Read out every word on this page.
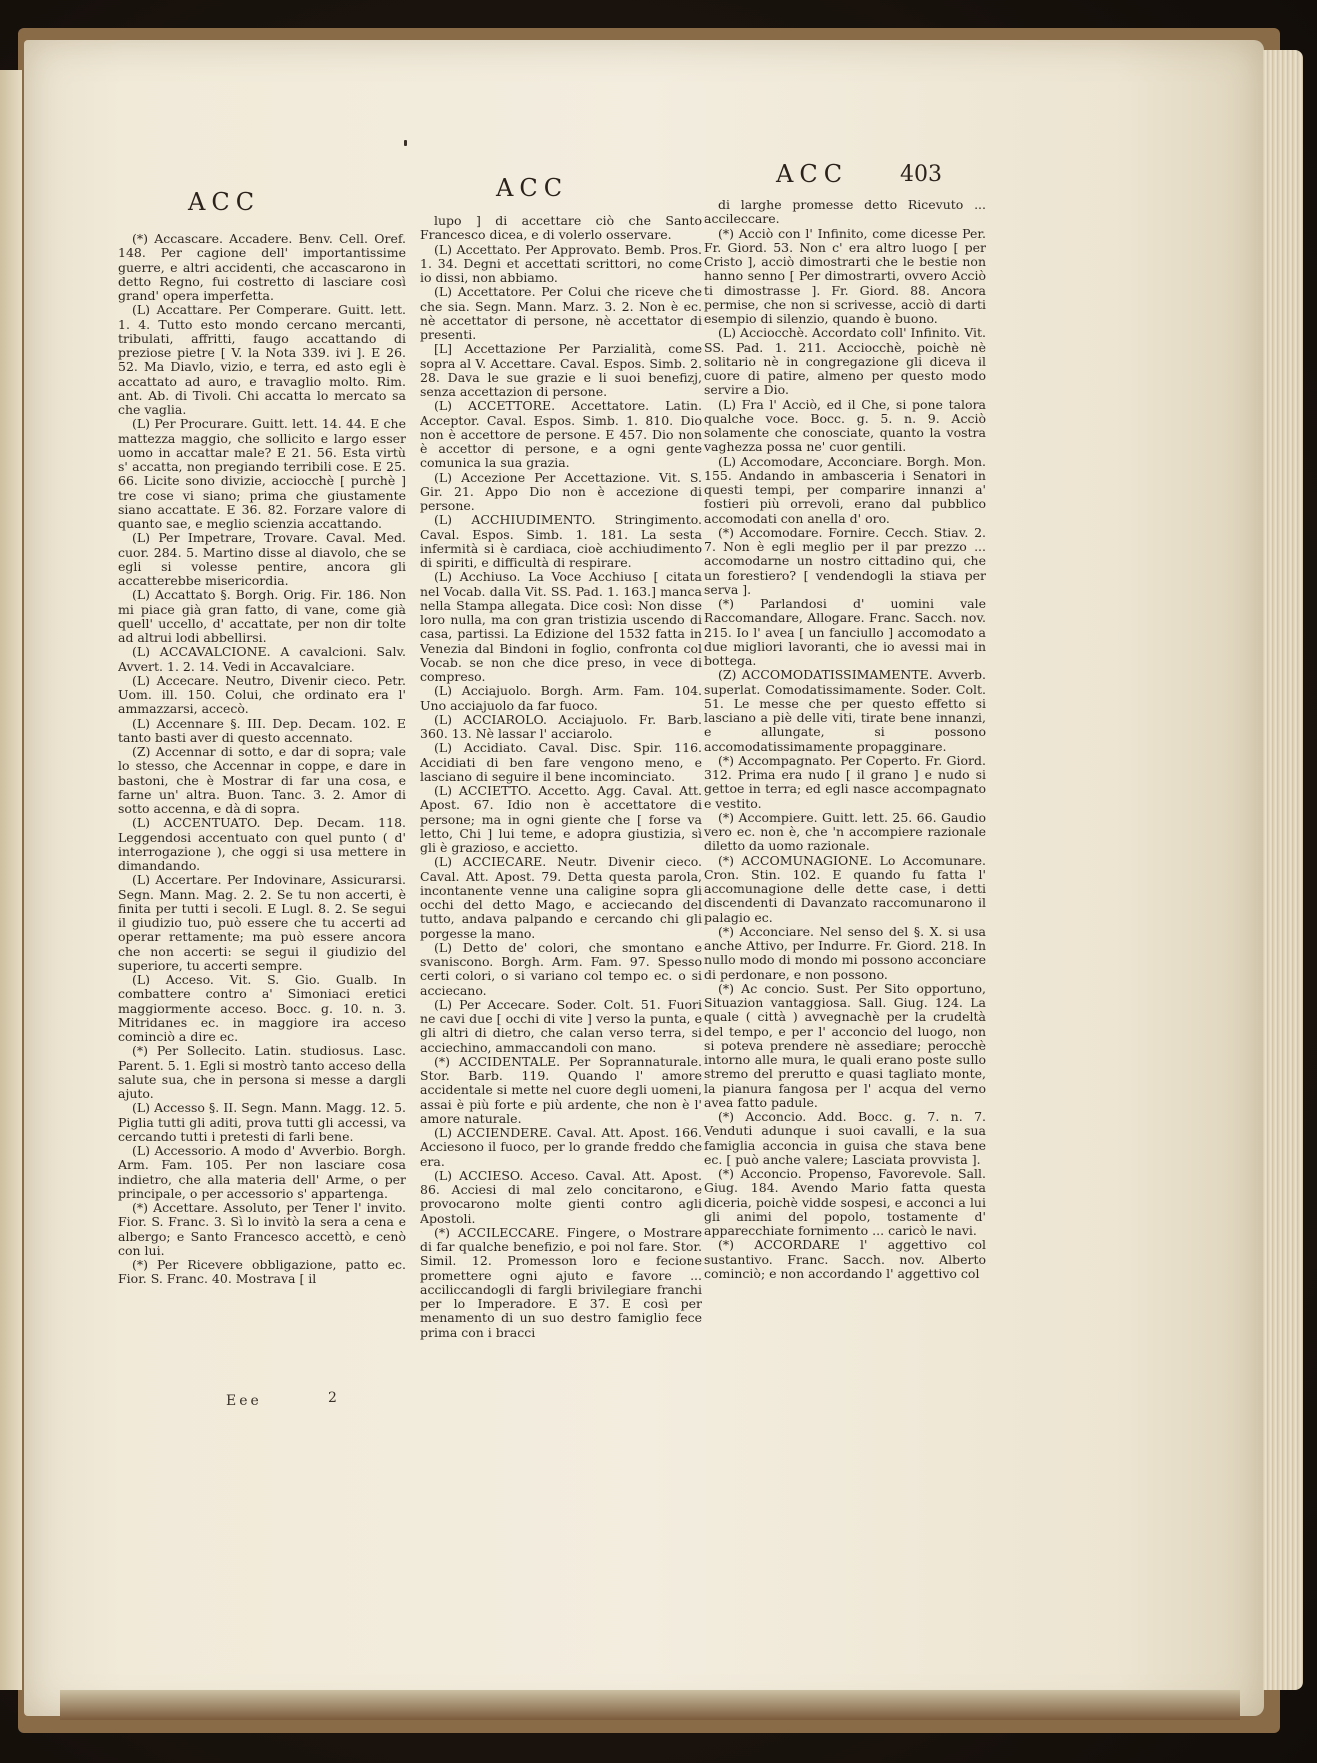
ACC	ACC	ACC 403

(*) Accascare. Accadere. Benv. Cell. Oref. 148. Per cagione dell' importantissime guerre, e altri accidenti, che accascarono in detto Regno, fui costretto di lasciare così grand' opera imperfetta.

(L) Accattare. Per Comperare. Guitt. lett. 1. 4. Tutto esto mondo cercano mercanti, tribulati, affritti, faugo accattando di preziose pietre [ V. la Nota 339. ivi ]. E 26. 52. Ma Diavlo, vizio, e terra, ed asto egli è accattato ad auro, e travaglio molto. Rim. ant. Ab. di Tivoli. Chi accatta lo mercato sa che vaglia.

(L) Per Procurare. Guitt. lett. 14. 44. E che mattezza maggio, che sollicito e largo esser uomo in accattar male? E 21. 56. Esta virtù s' accatta, non pregiando terribili cose. E 25. 66. Licite sono divizie, acciocchè [ purchè ] tre cose vi siano; prima che giustamente siano accattate. E 36. 82. Forzare valore di quanto sae, e meglio scienzia accattando.

(L) Per Impetrare, Trovare. Caval. Med. cuor. 284. 5. Martino disse al diavolo, che se egli si volesse pentire, ancora gli accatterebbe misericordia.

(L) Accattato §. Borgh. Orig. Fir. 186. Non mi piace già gran fatto, di vane, come già quell' uccello, d' accattate, per non dir tolte ad altrui lodi abbellirsi.

(L) ACCAVALCIONE. A cavalcioni. Salv. Avvert. 1. 2. 14. Vedi in Accavalciare.

(L) Accecare. Neutro, Divenir cieco. Petr. Uom. ill. 150. Colui, che ordinato era l' ammazzarsi, accecò.

(L) Accennare §. III. Dep. Decam. 102. E tanto basti aver di questo accennato.

(Z) Accennar di sotto, e dar di sopra; vale lo stesso, che Accennar in coppe, e dare in bastoni, che è Mostrar di far una cosa, e farne un' altra. Buon. Tanc. 3. 2. Amor di sotto accenna, e dà di sopra.

(L) ACCENTUATO. Dep. Decam. 118. Leggendosi accentuato con quel punto ( d' interrogazione ), che oggi si usa mettere in dimandando.

(L) Accertare. Per Indovinare, Assicurarsi. Segn. Mann. Mag. 2. 2. Se tu non accerti, è finita per tutti i secoli. E Lugl. 8. 2. Se segui il giudizio tuo, può essere che tu accerti ad operar rettamente; ma può essere ancora che non accerti: se segui il giudizio del superiore, tu accerti sempre.

(L) Acceso. Vit. S. Gio. Gualb. In combattere contro a' Simoniaci eretici maggiormente acceso. Bocc. g. 10. n. 3. Mitridanes ec. in maggiore ira acceso cominciò a dire ec.

(*) Per Sollecito. Latin. studiosus. Lasc. Parent. 5. 1. Egli si mostrò tanto acceso della salute sua, che in persona si messe a dargli ajuto.

(L) Accesso §. II. Segn. Mann. Magg. 12. 5. Piglia tutti gli aditi, prova tutti gli accessi, va cercando tutti i pretesti di farli bene.

(L) Accessorio. A modo d' Avverbio. Borgh. Arm. Fam. 105. Per non lasciare cosa indietro, che alla materia dell' Arme, o per principale, o per accessorio s' appartenga.

(*) Accettare. Assoluto, per Tener l' invito. Fior. S. Franc. 3. Sì lo invitò la sera a cena e albergo; e Santo Francesco accettò, e cenò con lui.

(*) Per Ricevere obbligazione, patto ec. Fior. S. Franc. 40. Mostrava [ il

lupo ] di accettare ciò che Santo Francesco dicea, e di volerlo osservare.

(L) Accettato. Per Approvato. Bemb. Pros. 1. 34. Degni et accettati scrittori, no come io dissi, non abbiamo.

(L) Accettatore. Per Colui che riceve che che sia. Segn. Mann. Marz. 3. 2. Non è ec. nè accettator di persone, nè accettator di presenti.

[L] Accettazione Per Parzialità, come sopra al V. Accettare. Caval. Espos. Simb. 2. 28. Dava le sue grazie e li suoi benefizj, senza accettazion di persone.

(L) ACCETTORE. Accettatore. Latin. Acceptor. Caval. Espos. Simb. 1. 810. Dio non è accettore de persone. E 457. Dio non è accettor di persone, e a ogni gente comunica la sua grazia.

(L) Accezione Per Accettazione. Vit. S. Gir. 21. Appo Dio non è accezione di persone.

(L) ACCHIUDIMENTO. Stringimento. Caval. Espos. Simb. 1. 181. La sesta infermità si è cardiaca, cioè acchiudimento di spiriti, e difficultà di respirare.

(L) Acchiuso. La Voce Acchiuso [ citata nel Vocab. dalla Vit. SS. Pad. 1. 163.] manca nella Stampa allegata. Dice così: Non disse loro nulla, ma con gran tristizia uscendo di casa, partissi. La Edizione del 1532 fatta in Venezia dal Bindoni in foglio, confronta col Vocab. se non che dice preso, in vece di compreso.

(L) Acciajuolo. Borgh. Arm. Fam. 104. Uno acciajuolo da far fuoco.

(L) ACCIAROLO. Acciajuolo. Fr. Barb. 360. 13. Nè lassar l' acciarolo.

(L) Accidiato. Caval. Disc. Spir. 116. Accidiati di ben fare vengono meno, e lasciano di seguire il bene incominciato.

(L) ACCIETTO. Accetto. Agg. Caval. Att. Apost. 67. Idio non è accettatore di persone; ma in ogni giente che [ forse va letto, Chi ] lui teme, e adopra giustizia, sì gli è grazioso, e accietto.

(L) ACCIECARE. Neutr. Divenir cieco. Caval. Att. Apost. 79. Detta questa parola, incontanente venne una caligine sopra gli occhi del detto Mago, e acciecando del tutto, andava palpando e cercando chi gli porgesse la mano.

(L) Detto de' colori, che smontano e svaniscono. Borgh. Arm. Fam. 97. Spesso certi colori, o si variano col tempo ec. o si acciecano.

(L) Per Accecare. Soder. Colt. 51. Fuori ne cavi due [ occhi di vite ] verso la punta, e gli altri di dietro, che calan verso terra, si acciechino, ammaccandoli con mano.

(*) ACCIDENTALE. Per Soprannaturale. Stor. Barb. 119. Quando l' amore accidentale si mette nel cuore degli uomeni, assai è più forte e più ardente, che non è l' amore naturale.

(L) ACCIENDERE. Caval. Att. Apost. 166. Acciesono il fuoco, per lo grande freddo che era.

(L) ACCIESO. Acceso. Caval. Att. Apost. 86. Acciesi di mal zelo concitarono, e provocarono molte gienti contro agli Apostoli.

(*) ACCILECCARE. Fingere, o Mostrare di far qualche benefizio, e poi nol fare. Stor. Simil. 12. Promesson loro e fecione promettere ogni ajuto e favore ... acciliccandogli di fargli brivilegiare franchi per lo Imperadore. E 37. E così per menamento di un suo destro famiglio fece prima con i bracci

di larghe promesse detto Ricevuto ... accileccare.

(*) Acciò con l' Infinito, come dicesse Per. Fr. Giord. 53. Non c' era altro luogo [ per Cristo ], acciò dimostrarti che le bestie non hanno senno [ Per dimostrarti, ovvero Acciò ti dimostrasse ]. Fr. Giord. 88. Ancora permise, che non si scrivesse, acciò di darti esempio di silenzio, quando è buono.

(L) Acciocchè. Accordato coll' Infinito. Vit. SS. Pad. 1. 211. Acciocchè, poichè nè solitario nè in congregazione gli diceva il cuore di patire, almeno per questo modo servire a Dio.

(L) Fra l' Acciò, ed il Che, si pone talora qualche voce. Bocc. g. 5. n. 9. Acciò solamente che conosciate, quanto la vostra vaghezza possa ne' cuor gentili.

(L) Accomodare, Acconciare. Borgh. Mon. 155. Andando in ambasceria i Senatori in questi tempi, per comparire innanzi a' fostieri più orrevoli, erano dal pubblico accomodati con anella d' oro.

(*) Accomodare. Fornire. Cecch. Stiav. 2. 7. Non è egli meglio per il par prezzo ... accomodarne un nostro cittadino qui, che un forestiero? [ vendendogli la stiava per serva ].

(*) Parlandosi d' uomini vale Raccomandare, Allogare. Franc. Sacch. nov. 215. Io l' avea [ un fanciullo ] accomodato a due migliori lavoranti, che io avessi mai in bottega.

(Z) ACCOMODATISSIMAMENTE. Avverb. superlat. Comodatissimamente. Soder. Colt. 51. Le messe che per questo effetto si lasciano a piè delle viti, tirate bene innanzi, e allungate, si possono accomodatissimamente propagginare.

(*) Accompagnato. Per Coperto. Fr. Giord. 312. Prima era nudo [ il grano ] e nudo si gettoe in terra; ed egli nasce accompagnato e vestito.

(*) Accompiere. Guitt. lett. 25. 66. Gaudio vero ec. non è, che 'n accompiere razionale diletto da uomo razionale.

(*) ACCOMUNAGIONE. Lo Accomunare. Cron. Stin. 102. E quando fu fatta l' accomunagione delle dette case, i detti discendenti di Davanzato raccomunarono il palagio ec.

(*) Acconciare. Nel senso del §. X. si usa anche Attivo, per Indurre. Fr. Giord. 218. In nullo modo di mondo mi possono acconciare di perdonare, e non possono.

(*) Ac concio. Sust. Per Sito opportuno, Situazion vantaggiosa. Sall. Giug. 124. La quale ( città ) avvegnachè per la crudeltà del tempo, e per l' acconcio del luogo, non si poteva prendere nè assediare; perocchè intorno alle mura, le quali erano poste sullo stremo del prerutto e quasi tagliato monte, la pianura fangosa per l' acqua del verno avea fatto padule.

(*) Acconcio. Add. Bocc. g. 7. n. 7. Venduti adunque i suoi cavalli, e la sua famiglia acconcia in guisa che stava bene ec. [ può anche valere; Lasciata provvista ].

(*) Acconcio. Propenso, Favorevole. Sall. Giug. 184. Avendo Mario fatta questa diceria, poichè vidde sospesi, e acconci a lui gli animi del popolo, tostamente d' apparecchiate fornimento ... caricò le navi.

(*) ACCORDARE l' aggettivo col sustantivo. Franc. Sacch. nov. Alberto cominciò; e non accordando l' aggettivo col

Eee	2
